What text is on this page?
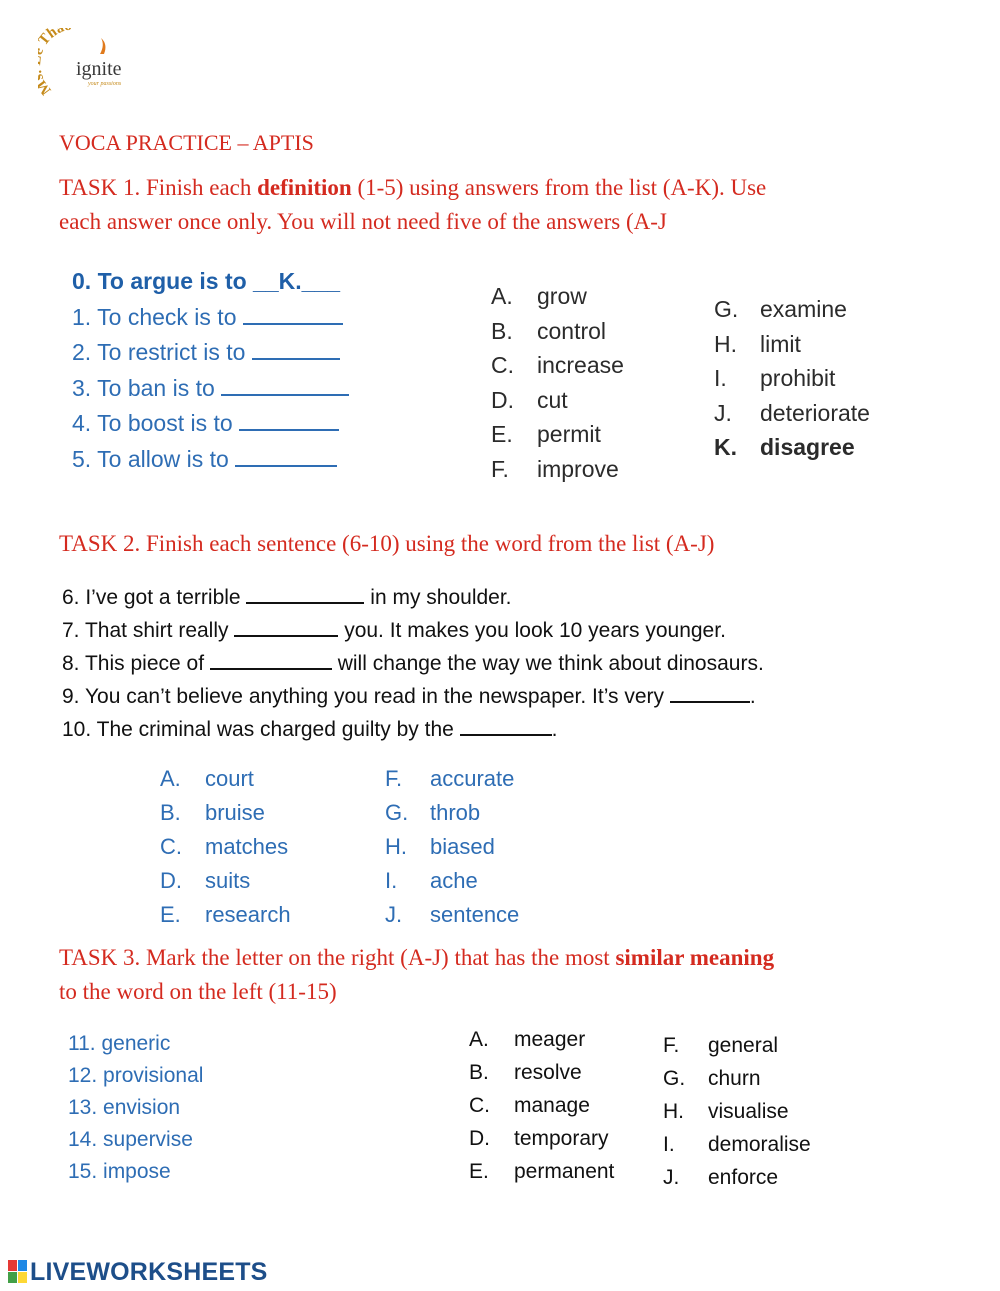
hả
ignite
your passions
VOCA PRACTICE – APTIS
TASK 1. Finish each definition (1-5) using answers from the list (A-K). Use
each answer once only. You will not need five of the answers (A-J
0. To argue is to __K.___
1. To check is to
2. To restrict is to
3. To ban is to
4. To boost is to
5. To allow is to
A. grow
B. control
C. increase
D. cut
E. permit
F. improve
G. examine
H. limit
I. prohibit
J. deteriorate
K. disagree
TASK 2. Finish each sentence (6-10) using the word from the list (A-J)
6. I’ve got a terrible	in my shoulder.
7. That shirt really	you. It makes you look 10 years younger.
8. This piece of	will change the way we think about dinosaurs.
9. You can’t believe anything you read in the newspaper. It’s very	.
10. The criminal was charged guilty by the	.
A. court
B. bruise
C. matches
D. suits
E. research
F. accurate
G. throb
H. biased
I. ache
J. sentence
TASK 3. Mark the letter on the right (A-J) that has the most similar meaning
to the word on the left (11-15)
11. generic
12. provisional
13. envision
14. supervise
15. impose
A. meager
B. resolve
C. manage
D. temporary
E. permanent
F. general
G. churn
H. visualise
I. demoralise
J. enforce
LIVEWORKSHEETS
